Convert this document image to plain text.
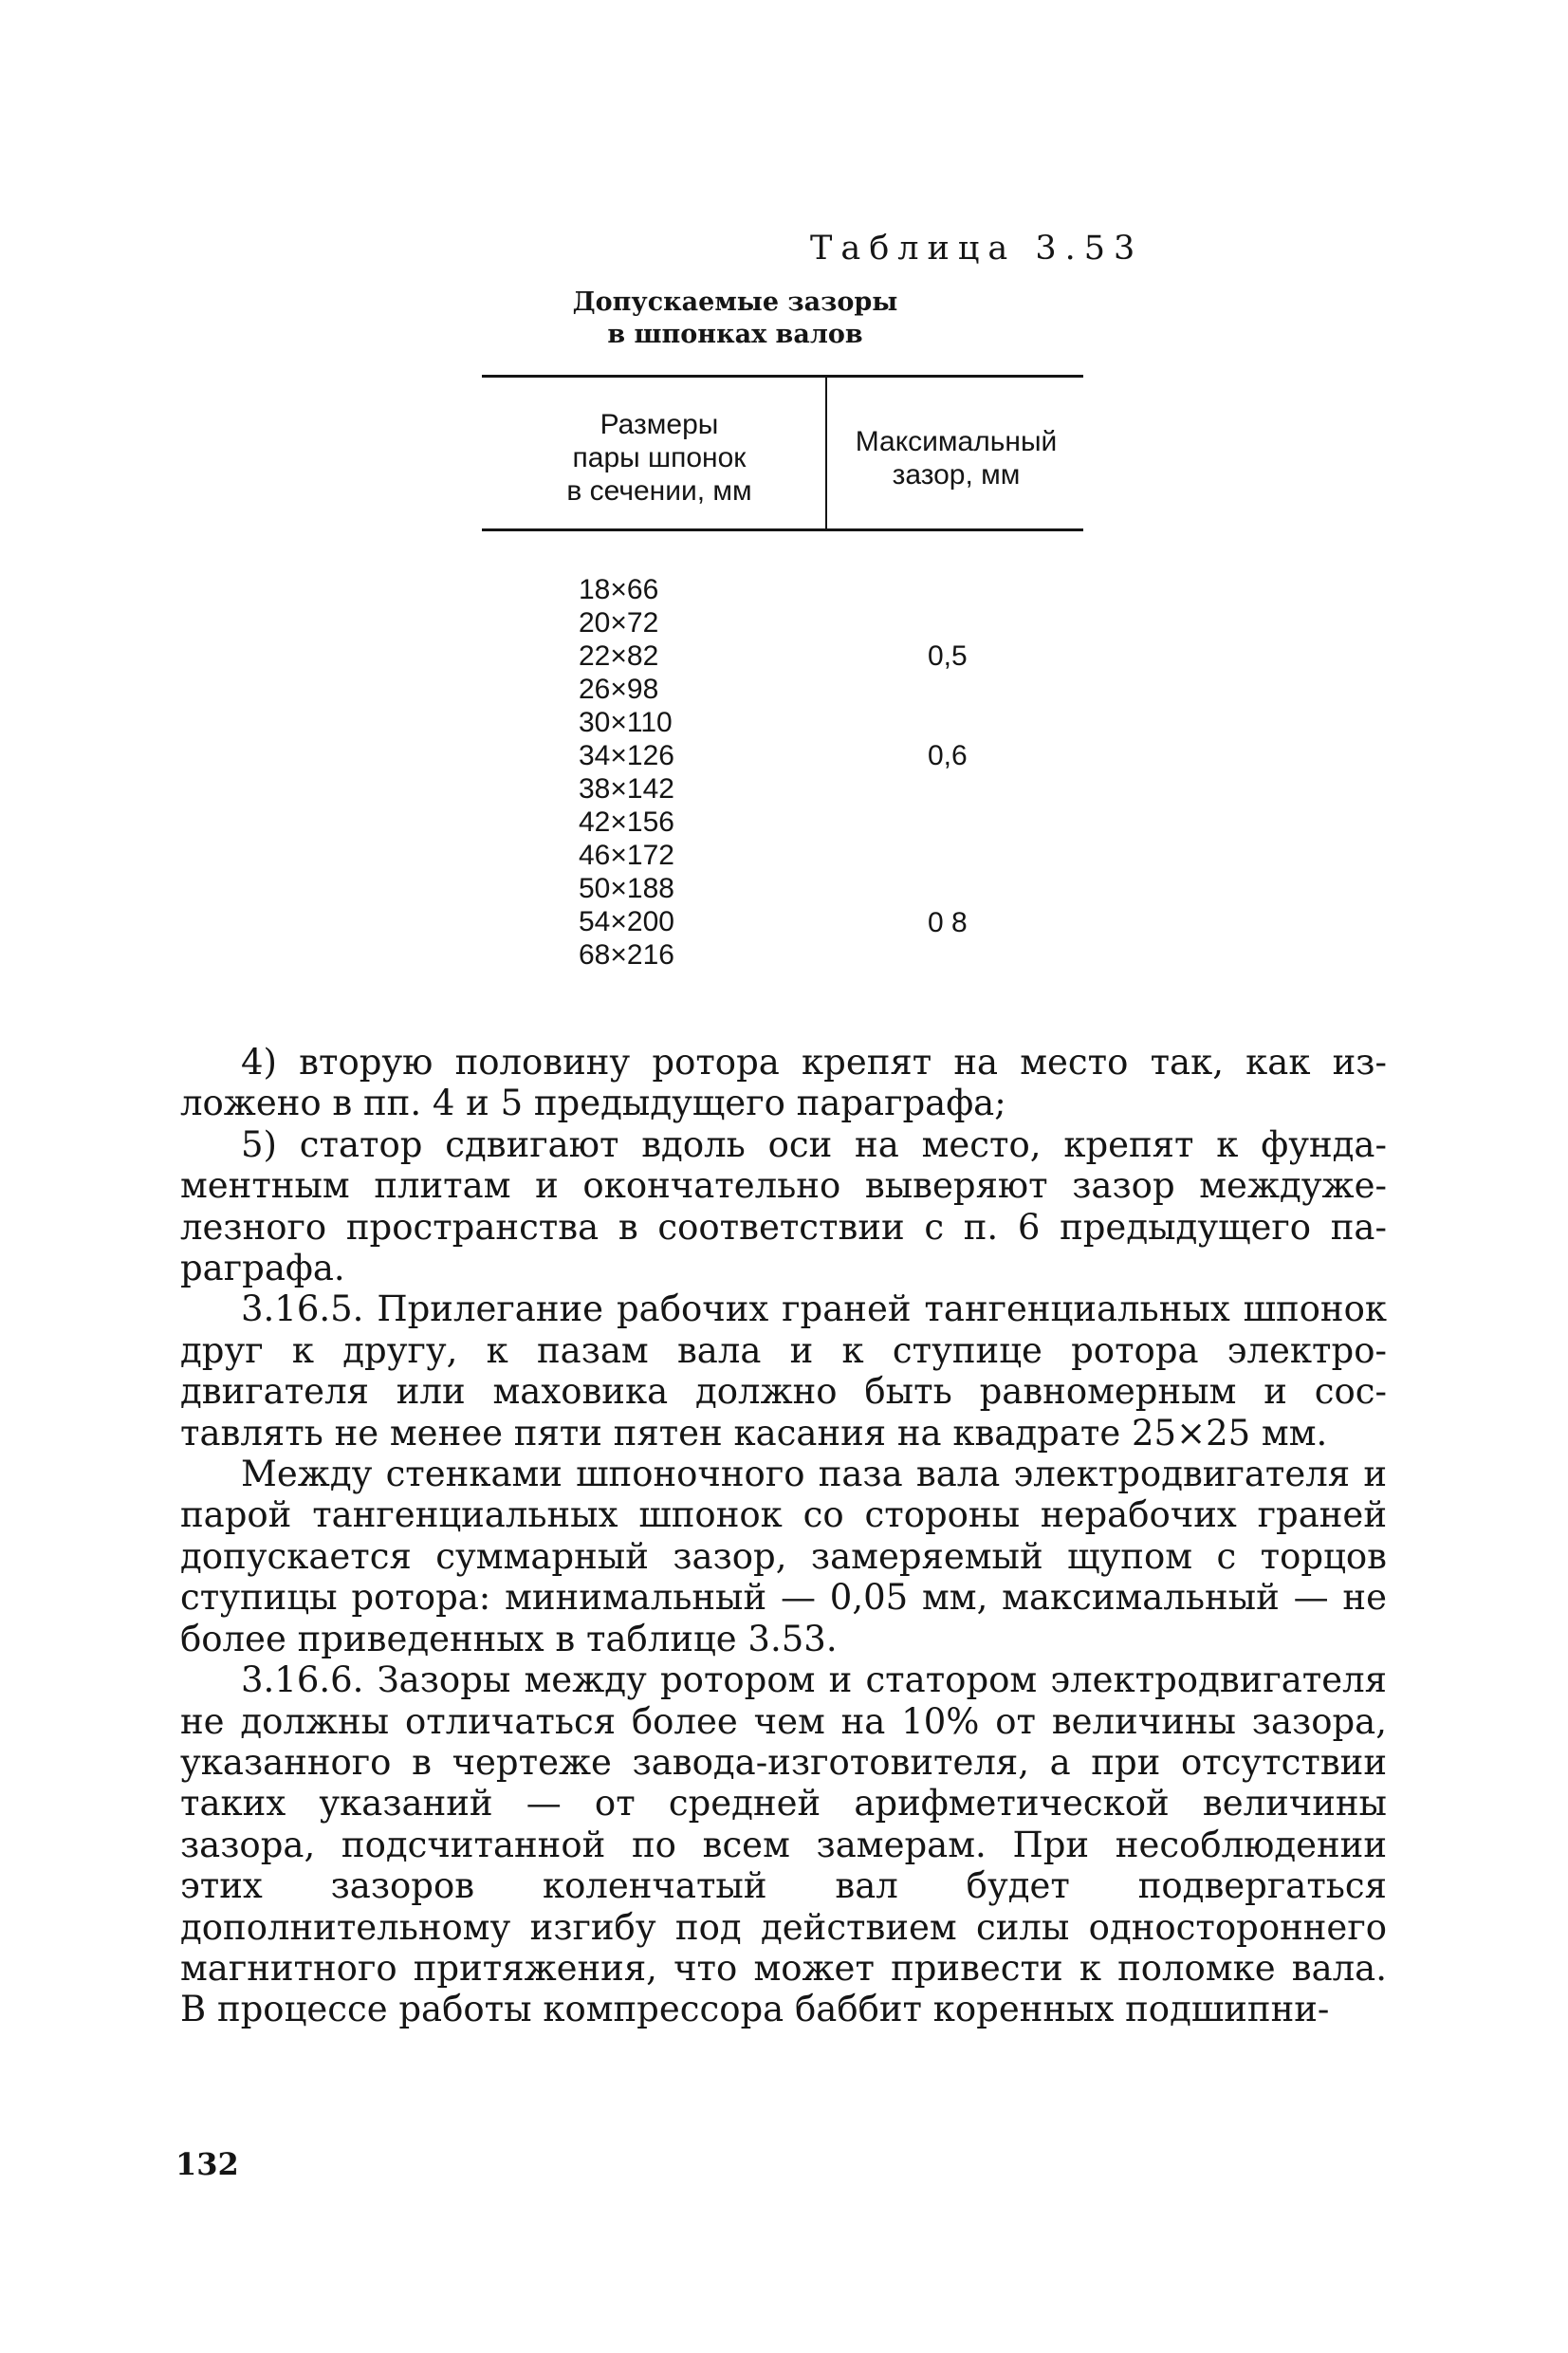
Таблица 3.53
Допускаемые зазоры
в шпонках валов
Размеры
пары шпонок
в сечении, мм
Максимальный
зазор, мм
18×66
20×72
22×82
26×98
30×110
34×126
38×142
42×156
46×172
50×188
54×200
68×216
0,5
0,6
0 8

4) вторую половину ротора крепят на место так, как изложено в пп. 4 и 5 предыдущего параграфа;

5) статор сдвигают вдоль оси на место, крепят к фундаментным плитам и окончательно выверяют зазор междужелезного пространства в соответствии с п. 6 предыдущего параграфа.

3.16.5. Прилегание рабочих граней тангенциальных шпонок друг к другу, к пазам вала и к ступице ротора электродвигателя или маховика должно быть равномерным и составлять не менее пяти пятен касания на квадрате 25×25 мм.

Между стенками шпоночного паза вала электродвигателя и парой тангенциальных шпонок со стороны нерабочих граней допускается суммарный зазор, замеряемый щупом с торцов ступицы ротора: минимальный — 0,05 мм, максимальный — не более приведенных в таблице 3.53.

3.16.6. Зазоры между ротором и статором электродвигателя не должны отличаться более чем на 10% от величины зазора, указанного в чертеже завода-изготовителя, а при отсутствии таких указаний — от средней арифметической величины зазора, подсчитанной по всем замерам. При несоблюдении этих зазоров коленчатый вал будет подвергаться дополнительному изгибу под действием силы одностороннего магнитного притяжения, что может привести к поломке вала. В процессе работы компрессора баббит коренных подшипни-

132
